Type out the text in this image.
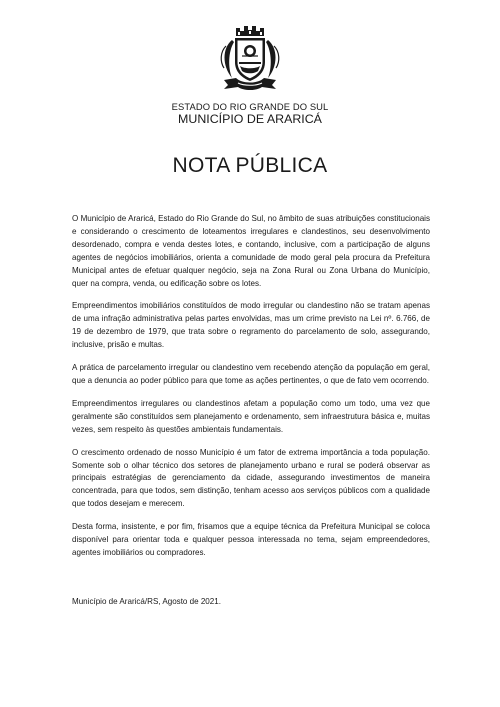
ESTADO DO RIO GRANDE DO SUL
MUNICÍPIO DE ARARICÁ
NOTA PÚBLICA

O Município de Araricá, Estado do Rio Grande do Sul, no âmbito de suas atribuições constitucionais e considerando o crescimento de loteamentos irregulares e clandestinos, seu desenvolvimento desordenado, compra e venda destes lotes, e contando, inclusive, com a participação de alguns agentes de negócios imobiliários, orienta a comunidade de modo geral pela procura da Prefeitura Municipal antes de efetuar qualquer negócio, seja na Zona Rural ou Zona Urbana do Município, quer na compra, venda, ou edificação sobre os lotes.

Empreendimentos imobiliários constituídos de modo irregular ou clandestino não se tratam apenas de uma infração administrativa pelas partes envolvidas, mas um crime previsto na Lei nº. 6.766, de 19 de dezembro de 1979, que trata sobre o regramento do parcelamento de solo, assegurando, inclusive, prisão e multas.

A prática de parcelamento irregular ou clandestino vem recebendo atenção da população em geral, que a denuncia ao poder público para que tome as ações pertinentes, o que de fato vem ocorrendo.

Empreendimentos irregulares ou clandestinos afetam a população como um todo, uma vez que geralmente são constituídos sem planejamento e ordenamento, sem infraestrutura básica e, muitas vezes, sem respeito às questões ambientais fundamentais.

O crescimento ordenado de nosso Município é um fator de extrema importância a toda população. Somente sob o olhar técnico dos setores de planejamento urbano e rural se poderá observar as principais estratégias de gerenciamento da cidade, assegurando investimentos de maneira concentrada, para que todos, sem distinção, tenham acesso aos serviços públicos com a qualidade que todos desejam e merecem.

Desta forma, insistente, e por fim, frisamos que a equipe técnica da Prefeitura Municipal se coloca disponível para orientar toda e qualquer pessoa interessada no tema, sejam empreendedores, agentes imobiliários ou compradores.

Município de Araricá/RS, Agosto de 2021.
